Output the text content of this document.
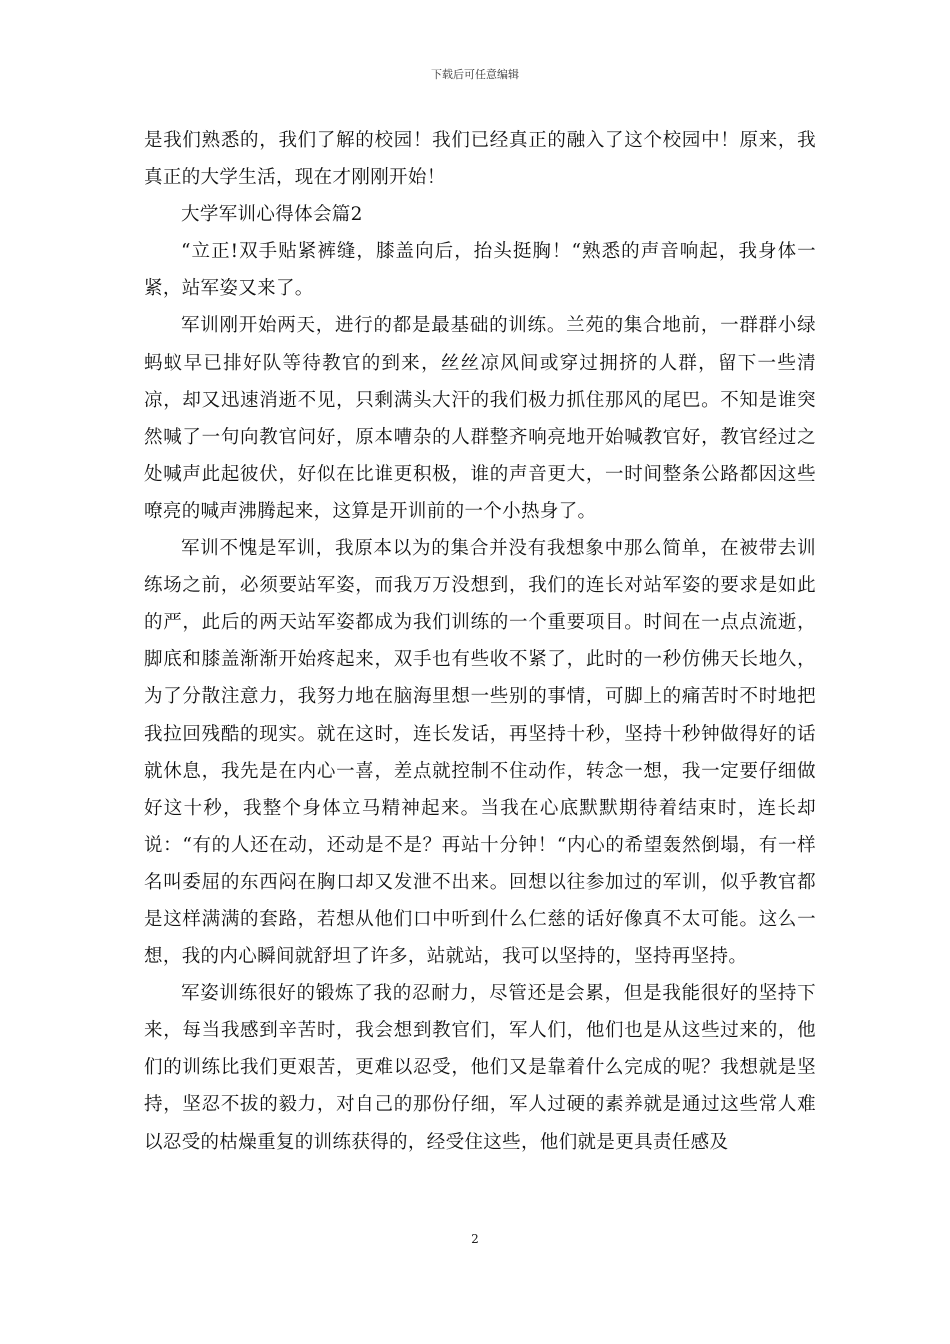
下载后可任意编辑

是我们熟悉的，我们了解的校园！我们已经真正的融入了这个校园中！原来，我真正的大学生活，现在才刚刚开始！

大学军训心得体会篇2

“立正!双手贴紧裤缝，膝盖向后，抬头挺胸！“熟悉的声音响起，我身体一紧，站军姿又来了。

军训刚开始两天，进行的都是最基础的训练。兰苑的集合地前，一群群小绿蚂蚁早已排好队等待教官的到来，丝丝凉风间或穿过拥挤的人群，留下一些清凉，却又迅速消逝不见，只剩满头大汗的我们极力抓住那风的尾巴。不知是谁突然喊了一句向教官问好，原本嘈杂的人群整齐响亮地开始喊教官好，教官经过之处喊声此起彼伏，好似在比谁更积极，谁的声音更大，一时间整条公路都因这些嘹亮的喊声沸腾起来，这算是开训前的一个小热身了。

军训不愧是军训，我原本以为的集合并没有我想象中那么简单，在被带去训练场之前，必须要站军姿，而我万万没想到，我们的连长对站军姿的要求是如此的严，此后的两天站军姿都成为我们训练的一个重要项目。时间在一点点流逝，脚底和膝盖渐渐开始疼起来，双手也有些收不紧了，此时的一秒仿佛天长地久，为了分散注意力，我努力地在脑海里想一些别的事情，可脚上的痛苦时不时地把我拉回残酷的现实。就在这时，连长发话，再坚持十秒，坚持十秒钟做得好的话就休息，我先是在内心一喜，差点就控制不住动作，转念一想，我一定要仔细做好这十秒，我整个身体立马精神起来。当我在心底默默期待着结束时，连长却说：“有的人还在动，还动是不是？再站十分钟！“内心的希望轰然倒塌，有一样名叫委屈的东西闷在胸口却又发泄不出来。回想以往参加过的军训，似乎教官都是这样满满的套路，若想从他们口中听到什么仁慈的话好像真不太可能。这么一想，我的内心瞬间就舒坦了许多，站就站，我可以坚持的，坚持再坚持。

军姿训练很好的锻炼了我的忍耐力，尽管还是会累，但是我能很好的坚持下来，每当我感到辛苦时，我会想到教官们，军人们，他们也是从这些过来的，他们的训练比我们更艰苦，更难以忍受，他们又是靠着什么完成的呢？我想就是坚持，坚忍不拔的毅力，对自己的那份仔细，军人过硬的素养就是通过这些常人难以忍受的枯燥重复的训练获得的，经受住这些，他们就是更具责任感及

2
